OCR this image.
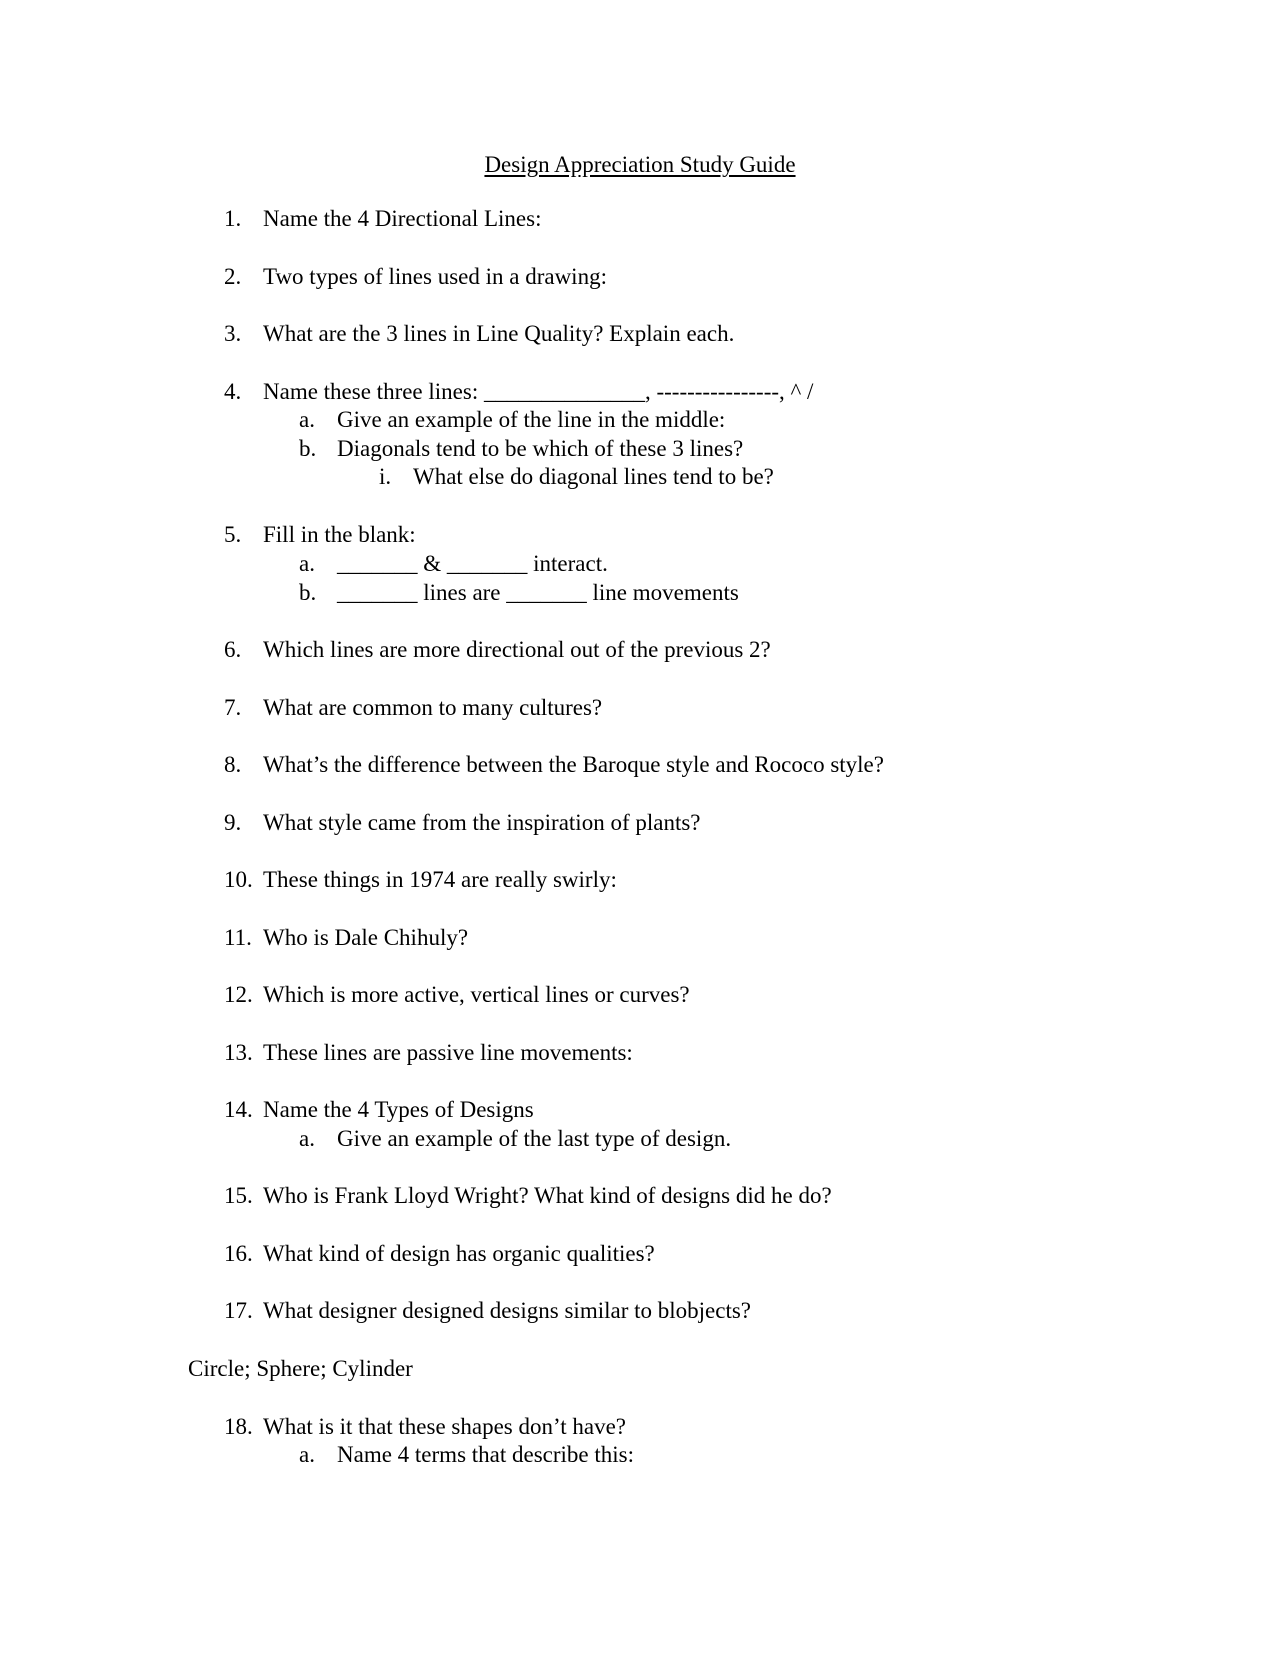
Design Appreciation Study Guide
1. Name the 4 Directional Lines:
2. Two types of lines used in a drawing:
3. What are the 3 lines in Line Quality? Explain each.
4. Name these three lines: ______________, ----------------, ^ /
a. Give an example of the line in the middle:
b. Diagonals tend to be which of these 3 lines?
i. What else do diagonal lines tend to be?
5. Fill in the blank:
a. _______ & _______ interact.
b. _______ lines are _______ line movements
6. Which lines are more directional out of the previous 2?
7. What are common to many cultures?
8. What’s the difference between the Baroque style and Rococo style?
9. What style came from the inspiration of plants?
10. These things in 1974 are really swirly:
11. Who is Dale Chihuly?
12. Which is more active, vertical lines or curves?
13. These lines are passive line movements:
14. Name the 4 Types of Designs
a. Give an example of the last type of design.
15. Who is Frank Lloyd Wright? What kind of designs did he do?
16. What kind of design has organic qualities?
17. What designer designed designs similar to blobjects?
Circle; Sphere; Cylinder
18. What is it that these shapes don’t have?
a. Name 4 terms that describe this:
